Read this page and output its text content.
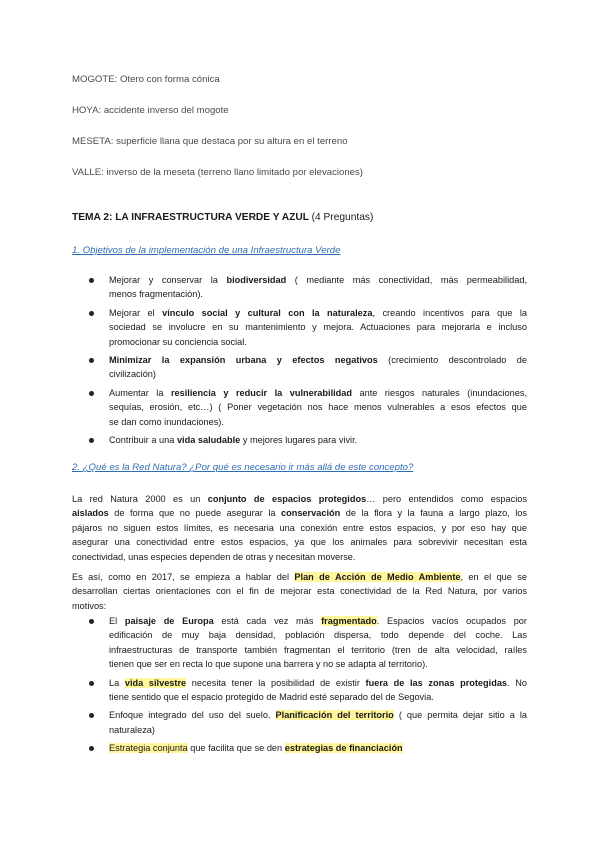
MOGOTE: Otero con forma cónica
HOYA: accidente inverso del mogote
MESETA: superficie llana que destaca por su altura en el terreno
VALLE: inverso de la meseta (terreno llano limitado por elevaciones)
TEMA 2: LA INFRAESTRUCTURA VERDE Y AZUL (4 Preguntas)
1. Objetivos de la implementación de una Infraestructura Verde
Mejorar y conservar la biodiversidad ( mediante más conectividad, más permeabilidad,
menos fragmentación).
Mejorar el vínculo social y cultural con la naturaleza, creando incentivos para que la
sociedad se involucre en su mantenimiento y mejora. Actuaciones para mejorarla e incluso
promocionar su conciencia social.
Minimizar la expansión urbana y efectos negativos (crecimiento descontrolado de
civilización)
Aumentar la resiliencia y reducir la vulnerabilidad ante riesgos naturales (inundaciones,
sequías, erosión, etc…) ( Poner vegetación nos hace menos vulnerables a esos efectos que
se dan como inundaciones).
Contribuir a una vida saludable y mejores lugares para vivir.
2. ¿Qué es la Red Natura? ¿Por qué es necesario ir más allá de este concepto?
La red Natura 2000 es un conjunto de espacios protegidos… pero entendidos como espacios
aislados de forma que no puede asegurar la conservación de la flora y la fauna a largo plazo, los
pájaros no siguen estos límites, es necesaria una conexión entre estos espacios, y por eso hay que
asegurar una conectividad entre estos espacios, ya que los animales para sobrevivir necesitan esta
conectividad, unas especies dependen de otras y necesitan moverse.
Es así, como en 2017, se empieza a hablar del Plan de Acción de Medio Ambiente, en el que se
desarrollan ciertas orientaciones con el fin de mejorar esta conectividad de la Red Natura, por varios
motivos:
El paisaje de Europa está cada vez más fragmentado. Espacios vacíos ocupados por
edificación de muy baja densidad, población dispersa, todo depende del coche. Las
infraestructuras de transporte también fragmentan el territorio (tren de alta velocidad, raíles
tienen que ser en recta lo que supone una barrera y no se adapta al territorio).
La vida silvestre necesita tener la posibilidad de existir fuera de las zonas protegidas. No
tiene sentido que el espacio protegido de Madrid esté separado del de Segovia.
Enfoque integrado del uso del suelo. Planificación del territorio ( que permita dejar sitio a la
naturaleza)
Estrategia conjunta que facilita que se den estrategias de financiación
